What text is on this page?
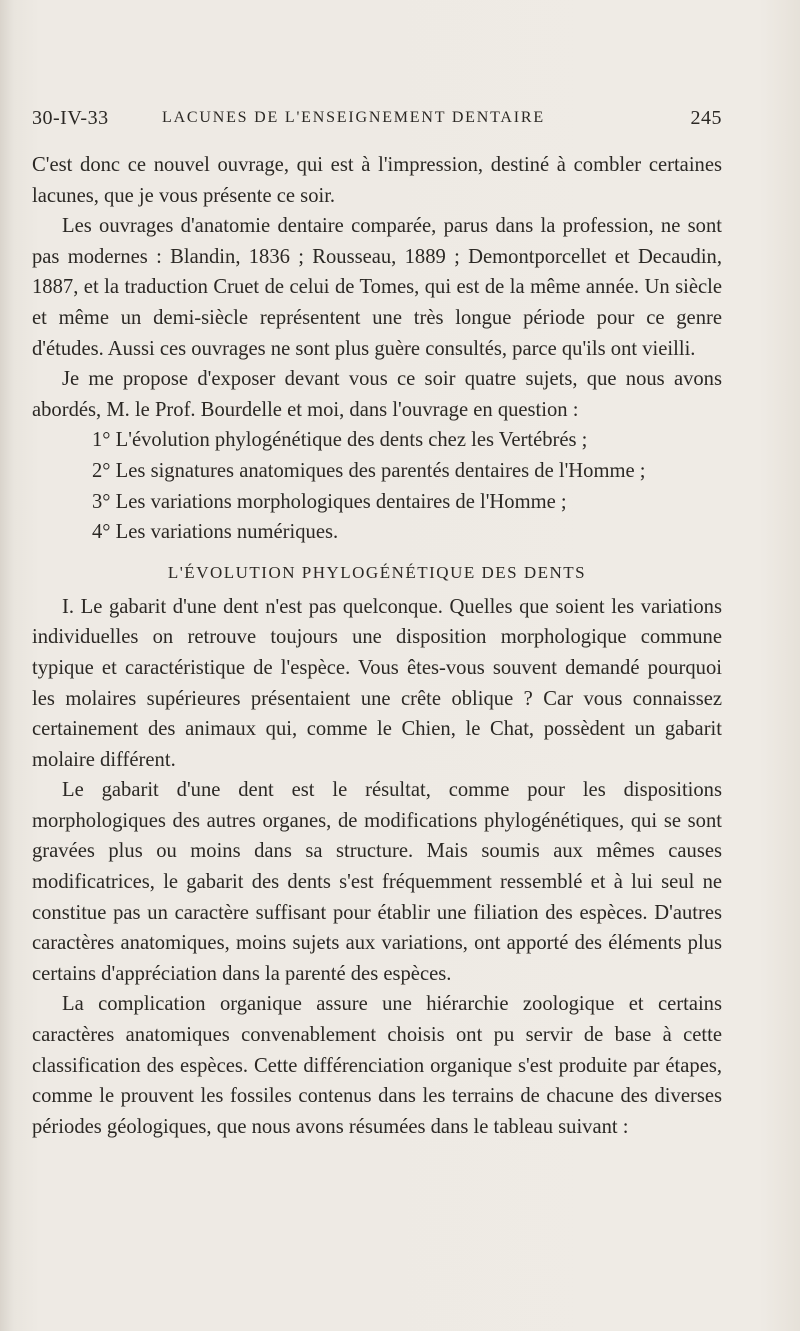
30-IV-33	LACUNES DE L'ENSEIGNEMENT DENTAIRE	245

C'est donc ce nouvel ouvrage, qui est à l'impression, destiné à combler certaines lacunes, que je vous présente ce soir.

Les ouvrages d'anatomie dentaire comparée, parus dans la profession, ne sont pas modernes : Blandin, 1836 ; Rousseau, 1889 ; Demontporcellet et Decaudin, 1887, et la traduction Cruet de celui de Tomes, qui est de la même année. Un siècle et même un demi-siècle représentent une très longue période pour ce genre d'études. Aussi ces ouvrages ne sont plus guère consultés, parce qu'ils ont vieilli.

Je me propose d'exposer devant vous ce soir quatre sujets, que nous avons abordés, M. le Prof. Bourdelle et moi, dans l'ouvrage en question :

1° L'évolution phylogénétique des dents chez les Vertébrés ;

2° Les signatures anatomiques des parentés dentaires de l'Homme ;

3° Les variations morphologiques dentaires de l'Homme ;

4° Les variations numériques.

L'ÉVOLUTION PHYLOGÉNÉTIQUE DES DENTS

I. Le gabarit d'une dent n'est pas quelconque. Quelles que soient les variations individuelles on retrouve toujours une disposition morphologique commune typique et caractéristique de l'espèce. Vous êtes-vous souvent demandé pourquoi les molaires supérieures présentaient une crête oblique ? Car vous connaissez certainement des animaux qui, comme le Chien, le Chat, possèdent un gabarit molaire différent.

Le gabarit d'une dent est le résultat, comme pour les dispositions morphologiques des autres organes, de modifications phylogénétiques, qui se sont gravées plus ou moins dans sa structure. Mais soumis aux mêmes causes modificatrices, le gabarit des dents s'est fréquemment ressemblé et à lui seul ne constitue pas un caractère suffisant pour établir une filiation des espèces. D'autres caractères anatomiques, moins sujets aux variations, ont apporté des éléments plus certains d'appréciation dans la parenté des espèces.

La complication organique assure une hiérarchie zoologique et certains caractères anatomiques convenablement choisis ont pu servir de base à cette classification des espèces. Cette différenciation organique s'est produite par étapes, comme le prouvent les fossiles contenus dans les terrains de chacune des diverses périodes géologiques, que nous avons résumées dans le tableau suivant :
